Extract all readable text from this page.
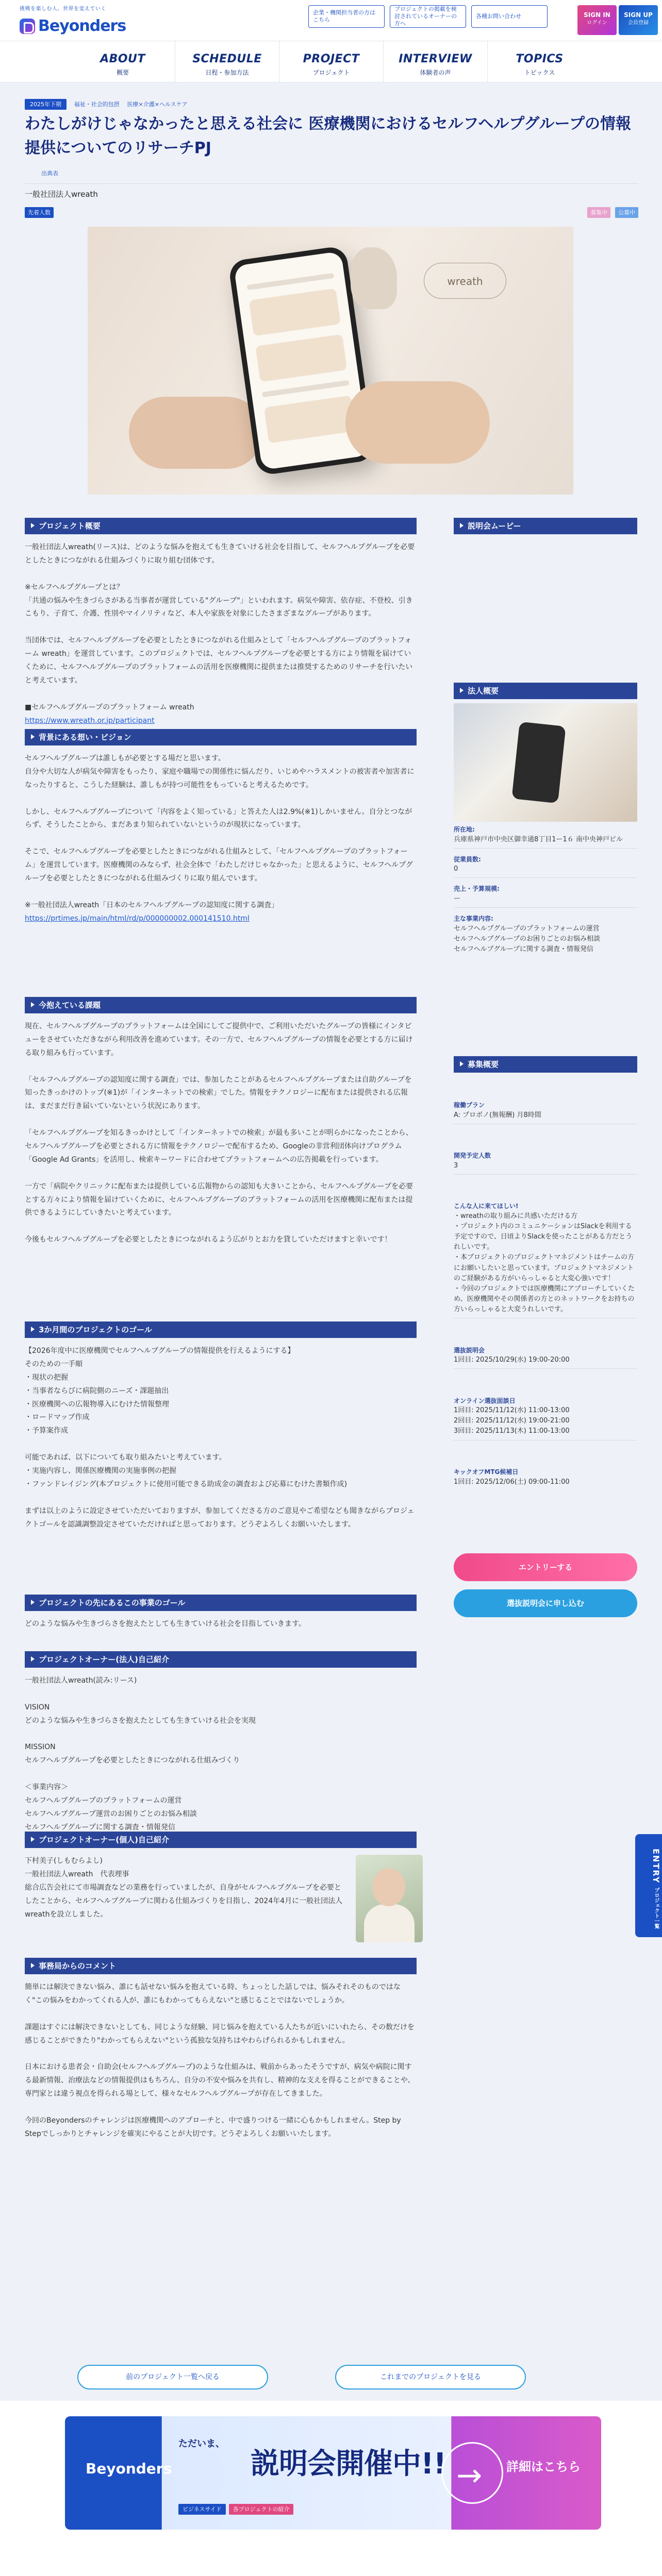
挑戦を楽しむ人、世界を変えていく
Beyonders
企業・機関担当者の方はこちら
プロジェクトの掲載を検討されているオーナーの方へ
各種お問い合わせ	SIGN IN
ログイン
SIGN UP
会員登録
ABOUT
概要
SCHEDULE
日程・参加方法
PROJECT
プロジェクト
INTERVIEW
体験者の声
TOPICS
トピックス
2025年下期 福祉・社会的包摂 医療×介護×ヘルスケア
わたしがけじゃなかったと思える社会に 医療機関におけるセルフヘルプグループの情報提供についてのリサーチPJ
出典表
一般社団法人wreath
先着人数	募集中 公募中
wreath
プロジェクト概要
一般社団法人wreath(リース)は、どのような悩みを抱えても生きていける社会を目指して、セルフヘルプグループを必要としたときにつながれる仕組みづくりに取り組む団体です。

※セルフヘルプグループとは？
「共通の悩みや生きづらさがある当事者が運営している"グループ"」といわれます。病気や障害、依存症、不登校、引きこもり、子育て、介護、性別やマイノリティなど、本人や家族を対象にしたさまざまなグループがあります。

当団体では、セルフヘルプグループを必要としたときにつながれる仕組みとして「セルフヘルプグループのプラットフォーム wreath」を運営しています。このプロジェクトでは、セルフヘルプグループを必要とする方により情報を届けていくために、セルフヘルプグループのプラットフォームの活用を医療機関に提供または推奨するためのリサーチを行いたいと考えています。

■セルフヘルプグループのプラットフォーム wreath
https://www.wreath.or.jp/participant
背景にある想い・ビジョン
セルフヘルプグループは誰しもが必要とする場だと思います。
自分や大切な人が病気や障害をもったり、家庭や職場での関係性に悩んだり、いじめやハラスメントの被害者や加害者になったりすると、こうした経験は、誰しもが持つ可能性をもっていると考えるためです。

しかし、セルフヘルプグループについて「内容をよく知っている」と答えた人は2.9%(※1)しかいません。自分とつながらず、そうしたことから、まだあまり知られていないというのが現状になっています。

そこで、セルフヘルプグループを必要としたときにつながれる仕組みとして、「セルフヘルプグループのプラットフォーム」を運営しています。医療機関のみならず、社会全体で「わたしだけじゃなかった」と思えるように、セルフヘルプグループを必要としたときにつながれる仕組みづくりに取り組んでいます。

※一般社団法人wreath「日本のセルフヘルプグループの認知度に関する調査」
https://prtimes.jp/main/html/rd/p/000000002.000141510.html
今抱えている課題
現在、セルフヘルプグループのプラットフォームは全国にしてご提供中で、ご利用いただいたグループの皆様にインタビューをさせていただきながら利用改善を進めています。その一方で、セルフヘルプグループの情報を必要とする方に届ける取り組みも行っています。

「セルフヘルプグループの認知度に関する調査」では、参加したことがあるセルフヘルプグループまたは自助グループを知ったきっかけのトップ(※1)が「インターネットでの検索」でした。情報をテクノロジーに配布または提供される広報は、まだまだ行き届いていないという状況にあります。

「セルフヘルプグループを知るきっかけとして「インターネットでの検索」が最も多いことが明らかになったことから、セルフヘルプグループを必要とされる方に情報をテクノロジーで配布するため、Googleの非営利団体向けプログラム「Google Ad Grants」を活用し、検索キーワードに合わせてプラットフォームへの広告掲載を行っています。

一方で「病院やクリニックに配布または提供している広報物からの認知も大きいことから、セルフヘルプグループを必要とする方々により情報を届けていくために、セルフヘルプグループのプラットフォームの活用を医療機関に配布または提供できるようにしていきたいと考えています。

今後もセルフヘルプグループを必要としたときにつながれるよう広がりとお力を貸していただけますと幸いです！
3か月間のプロジェクトのゴール
【2026年度中に医療機関でセルフヘルプグループの情報提供を行えるようにする】
そのための一手順
・現状の把握
・当事者ならびに病院側のニーズ・課題抽出
・医療機関への広報物導入にむけた情報整理
・ロードマップ作成
・予算案作成

可能であれば、以下についても取り組みたいと考えています。
・実施内容し、関係医療機関の実施事例の把握
・ファンドレイジング(本プロジェクトに使用可能できる助成金の調査および応募にむけた書類作成)

まずは以上のように設定させていただいておりますが、参加してくださる方のご意見やご希望なども聞きながらプロジェクトゴールを認識調整設定させていただければと思っております。どうぞよろしくお願いいたします。
プロジェクトの先にあるこの事業のゴール
どのような悩みや生きづらさを抱えたとしても生きていける社会を目指していきます。
プロジェクトオーナー(法人)自己紹介
一般社団法人wreath(読み:リース)

VISION
どのような悩みや生きづらさを抱えたとしても生きていける社会を実現

MISSION
セルフヘルプグループを必要としたときにつながれる仕組みづくり

＜事業内容＞
セルフヘルプグループのプラットフォームの運営
セルフヘルプグループ運営のお困りごとのお悩み相談
セルフヘルプグループに関する調査・情報発信
プロジェクトオーナー(個人)自己紹介
下村美子(しもむらよし)
一般社団法人wreath　代表理事
総合広告会社にて市場調査などの業務を行っていましたが、自身がセルフヘルプグループを必要としたことから、セルフヘルプグループに関わる仕組みづくりを目指し、2024年4月に一般社団法人wreathを設立しました。
事務局からのコメント
簡単には解決できない悩み、誰にも話せない悩みを抱えている時、ちょっとした話しでは、悩みそれそのものではなく"この悩みをわかってくれる人が、誰にもわかってもらえない"と感じることではないでしょうか。

課題はすぐには解決できないとしても、同じような経験、同じ悩みを抱えている人たちが近いにいれたら、その数だけを感じることができたり"わかってもらえない"という孤独な気持ちはやわらげられるかもしれません。

日本における患者会・自助会(セルフヘルプグループ)のような仕組みは、戦前からあったそうですが、病気や病院に関する最新情報、治療法などの情報提供はもちろん、自分の不安や悩みを共有し、精神的な支えを得ることができることや、専門家とは違う視点を得られる場として、様々なセルフヘルプグループが存在してきました。

今回のBeyondersのチャレンジは医療機関へのアプローチと、中で盛りつける一緒に心もかもしれません。Step by Stepでしっかりとチャレンジを確実にやることが大切です。どうぞよろしくお願いいたします。
説明会ムービー
法人概要
所在地:
兵庫県神戸市中央区御幸通8丁目1ー1６ 南中央神戸ビル
従業員数:
0
売上・予算規模:
ー
主な事業内容:
セルフヘルプグループのプラットフォームの運営
セルフヘルプグループのお困りごとのお悩み相談
セルフヘルプグループに関する調査・情報発信
募集概要

稼働プラン
A: プロボノ(無報酬) 月8時間

開発予定人数
3

こんな人に来てほしい!
・wreathの取り組みに共感いただける方
・プロジェクト内のコミュニケーションはSlackを利用する予定ですので、日頃よりSlackを使ったことがある方だとうれしいです。
・本プロジェクトのプロジェクトマネジメントはチームの方にお願いしたいと思っています。プロジェクトマネジメントのご経験がある方がいらっしゃると大変心強いです！
・今回のプロジェクトでは医療機関にアプローチしていくため、医療機関やその関係者の方とのネットワークをお持ちの方いらっしゃると大変うれしいです。

選抜説明会
1回目: 2025/10/29(水) 19:00-20:00

オンライン選抜面談日
1回目: 2025/11/12(水) 11:00-13:00
2回目: 2025/11/12(水) 19:00-21:00
3回目: 2025/11/13(木) 11:00-13:00

キックオフMTG候補日
1回目: 2025/12/06(土) 09:00-11:00

エントリーする
選抜説明会に申し込む
ENTRY プロジェクト一覧
前のプロジェクト一覧へ戻る	これまでのプロジェクトを見る
Beyonders
ただいま、
説明会開催中!!
ビジネスサイド 各プロジェクトの紹介
→
詳細はこちら
